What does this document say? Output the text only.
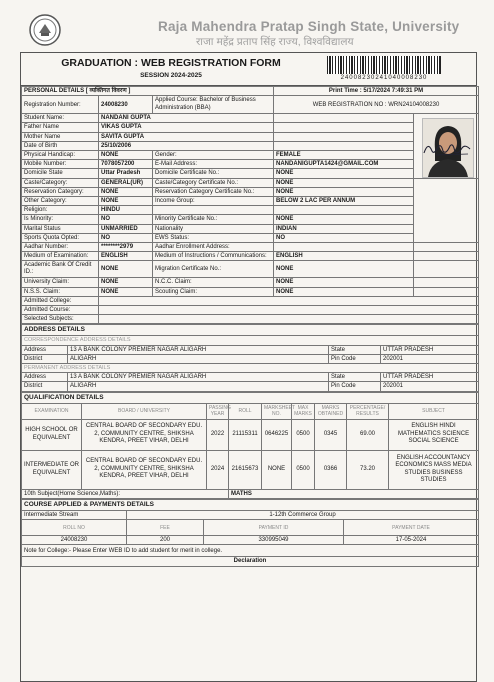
Raja Mahendra Pratap Singh State, University
राजा महेंद्र प्रताप सिंह राज्य, विश्वविद्यालय
GRADUATION : WEB REGISTRATION FORM
SESSION 2024-2025	24008230241040008230
PERSONAL DETAILS [ व्यक्तिगत विवरण ]			Print Time : 5/17/2024 7:49:31 PM	
Registration Number:	24008230	Applied Course: Bachelor of Business Administration (BBA)	WEB REGISTRATION NO : WRN24104008230	
Student Name:	NANDANI GUPTA		

Father Name	VIKAS GUPTA			
Mother Name	SAVITA GUPTA			
Date of Birth	25/10/2006			
Physical Handicap:	NONE	Gender:	FEMALE	
Mobile Number:	7078057200	E-Mail Address:	NANDANIGUPTA1424@GMAIL.COM	
Domicile State	Uttar Pradesh	Domicile Certificate No.:	NONE	
Caste/Category:	GENERAL(UR)	Caste/Category Certificate No.:	NONE	

Reservation Category:	NONE	Reservation Category Certificate No.:	NONE	
Other Category:	NONE	Income Group:	BELOW 2 LAC PER ANNUM	
Religion:	HINDU			
Is Minority:	NO	Minority Certificate No.:	NONE	
Marital Status	UNMARRIED	Nationality	INDIAN	
Sports Quota Opted:	NO	EWS Status:	NO	
Aadhar Number:	********2979	Aadhar Enrollment Address:		
Medium of Examination:	ENGLISH	Medium of Instructions / Communications:	ENGLISH	
Academic Bank Of Credit ID.:	NONE	Migration Certificate No.:	NONE	
University Claim:	NONE	N.C.C. Claim:	NONE	
N.S.S. Claim:	NONE	Scouting Claim:	NONE	
Admitted College:				
Admitted Course:				
Selected Subjects:				
ADDRESS DETAILS			
CORRESPONDENCE ADDRESS DETAILS			
Address	13 A BANK COLONY PREMIER NAGAR ALIGARH	State	UTTAR PRADESH
District	ALIGARH	Pin Code	202001
PERMANENT ADDRESS DETAILS			
Address	13 A BANK COLONY PREMIER NAGAR ALIGARH	State	UTTAR PRADESH
District	ALIGARH	Pin Code	202001
QUALIFICATION DETAILS								
EXAMINATION	BOARD / UNIVERSITY	PASSING YEAR	ROLL	MARKSHEET NO.	MAX MARKS	MARKS OBTAINED	PERCENTAGE/ RESULTS	SUBJECT
HIGH SCHOOL OR EQUIVALENT	CENTRAL BOARD OF SECONDARY EDU. 2, COMMUNITY CENTRE, SHIKSHA KENDRA, PREET VIHAR, DELHI	2022	21115311	0646225	0500	0345	69.00	ENGLISH HINDI MATHEMATICS SCIENCE SOCIAL SCIENCE
INTERMEDIATE OR EQUIVALENT	CENTRAL BOARD OF SECONDARY EDU. 2, COMMUNITY CENTRE, SHIKSHA KENDRA, PREET VIHAR, DELHI	2024	21615673	NONE	0500	0366	73.20	ENGLISH ACCOUNTANCY ECONOMICS MASS MEDIA STUDIES BUSINESS STUDIES
10th Subject(Home Science,Maths):			MATHS					
COURSE APPLIED & PAYMENTS DETAILS			
Intermediate Stream	1-12th Commerce Group		
ROLL NO	FEE	PAYMENT ID	PAYMENT DATE
24008230	200	330995049	17-05-2024
Note for College:- Please Enter WEB ID to add student for merit in college.			
Declaration			
